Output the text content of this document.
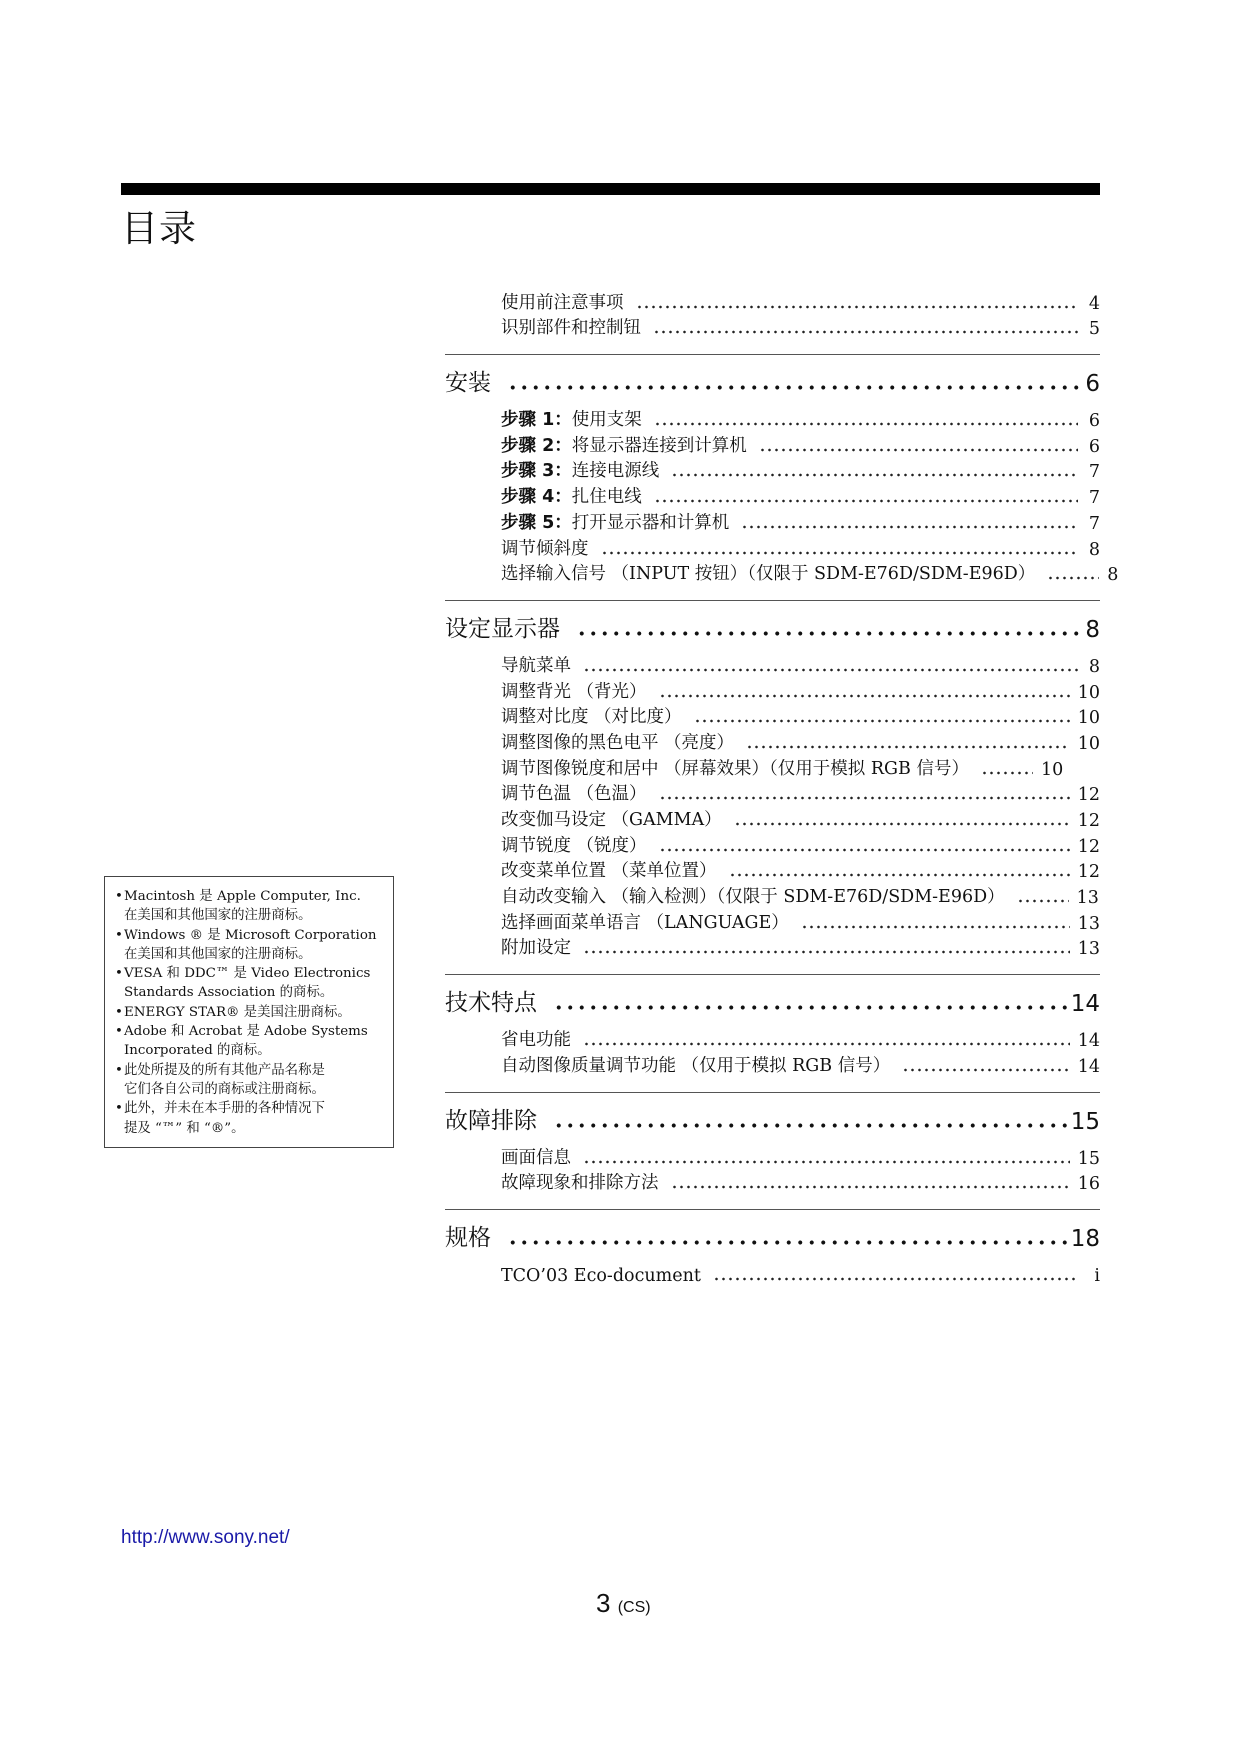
目录
使用前注意事项	4
识别部件和控制钮	5
安装	6
步骤 1：使用支架	6
步骤 2：将显示器连接到计算机	6
步骤 3：连接电源线	7
步骤 4：扎住电线	7
步骤 5：打开显示器和计算机	7
调节倾斜度	8
选择输入信号 （INPUT 按钮）（仅限于 SDM-E76D/SDM-E96D）	8
设定显示器	8
导航菜单	8
调整背光 （背光）	10
调整对比度 （对比度）	10
调整图像的黑色电平 （亮度）	10
调节图像锐度和居中 （屏幕效果）（仅用于模拟 RGB 信号）	10
调节色温 （色温）	12
改变伽马设定 （GAMMA）	12
调节锐度 （锐度）	12
改变菜单位置 （菜单位置）	12
自动改变输入 （输入检测）（仅限于 SDM-E76D/SDM-E96D）	13
选择画面菜单语言 （LANGUAGE）	13
附加设定	13
技术特点	14
省电功能	14
自动图像质量调节功能 （仅用于模拟 RGB 信号）	14
故障排除	15
画面信息	15
故障现象和排除方法	16
规格	18
TCO’03 Eco-document	i
• Macintosh 是 Apple Computer, Inc.
在美国和其他国家的注册商标。
• Windows ® 是 Microsoft Corporation
在美国和其他国家的注册商标。
• VESA 和 DDC™ 是 Video Electronics
Standards Association 的商标。
• ENERGY STAR® 是美国注册商标。
• Adobe 和 Acrobat 是 Adobe Systems
Incorporated 的商标。
• 此处所提及的所有其他产品名称是
它们各自公司的商标或注册商标。
• 此外，并未在本手册的各种情况下
提及 “™” 和 “®”。
http://www.sony.net/
3 (CS)
